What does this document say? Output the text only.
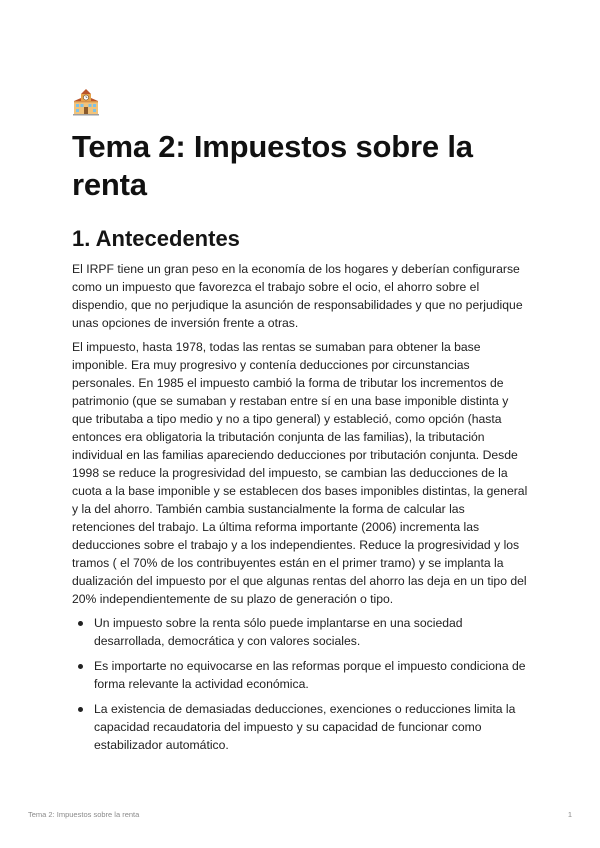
Tema 2: Impuestos sobre la renta
1. Antecedentes

El IRPF tiene un gran peso en la economía de los hogares y deberían configurarse como un impuesto que favorezca el trabajo sobre el ocio, el ahorro sobre el dispendio, que no perjudique la asunción de responsabilidades y que no perjudique unas opciones de inversión frente a otras.

El impuesto, hasta 1978, todas las rentas se sumaban para obtener la base imponible. Era muy progresivo y contenía deducciones por circunstancias personales. En 1985 el impuesto cambió la forma de tributar los incrementos de patrimonio (que se sumaban y restaban entre sí en una base imponible distinta y que tributaba a tipo medio y no a tipo general) y estableció, como opción (hasta entonces era obligatoria la tributación conjunta de las familias), la tributación individual en las familias apareciendo deducciones por tributación conjunta. Desde 1998 se reduce la progresividad del impuesto, se cambian las deducciones de la cuota a la base imponible y se establecen dos bases imponibles distintas, la general y la del ahorro. También cambia sustancialmente la forma de calcular las retenciones del trabajo. La última reforma importante (2006) incrementa las deducciones sobre el trabajo y a los independientes. Reduce la progresividad y los tramos ( el 70% de los contribuyentes están en el primer tramo) y se implanta la dualización del impuesto por el que algunas rentas del ahorro las deja en un tipo del 20% independientemente de su plazo de generación o tipo.

Un impuesto sobre la renta sólo puede implantarse en una sociedad desarrollada, democrática y con valores sociales.
Es importarte no equivocarse en las reformas porque el impuesto condiciona de forma relevante la actividad económica.
La existencia de demasiadas deducciones, exenciones o reducciones limita la capacidad recaudatoria del impuesto y su capacidad de funcionar como estabilizador automático.
Tema 2: Impuestos sobre la renta	1
